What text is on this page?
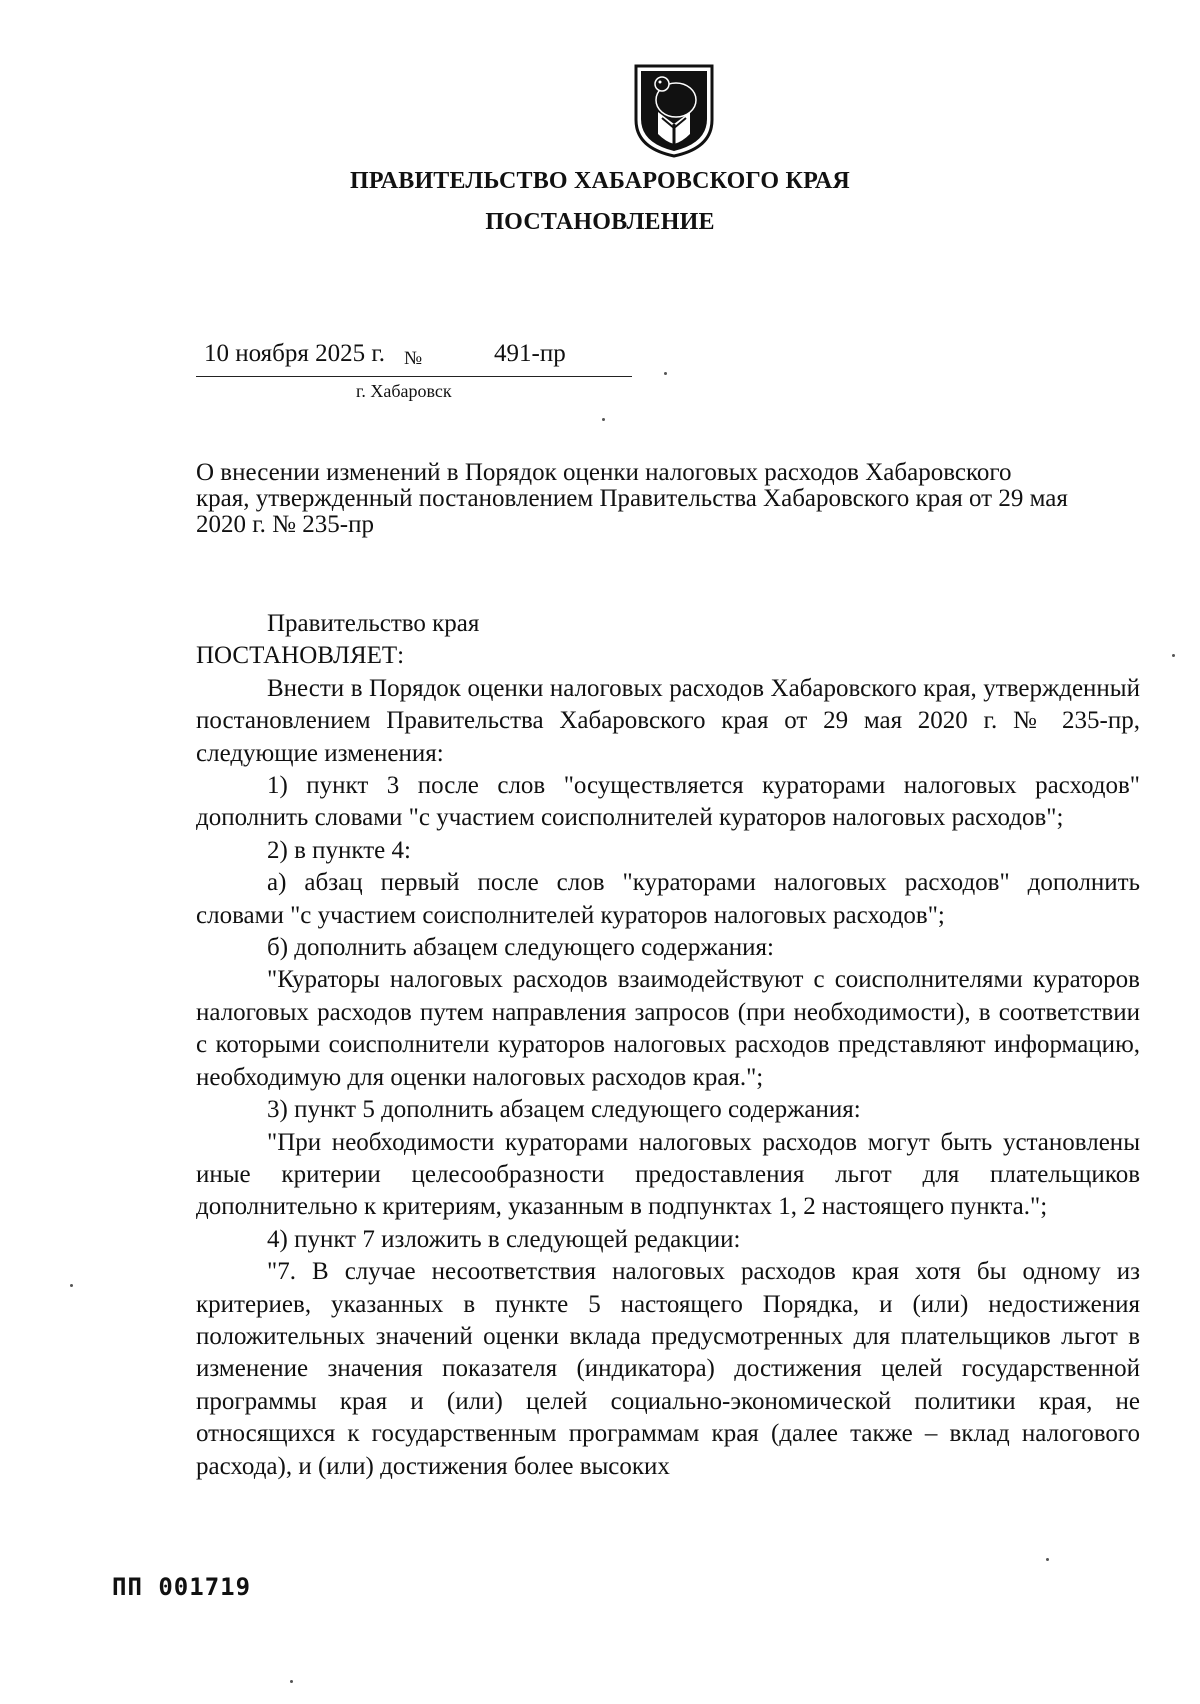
ПРАВИТЕЛЬСТВО ХАБАРОВСКОГО КРАЯ
ПОСТАНОВЛЕНИЕ
10 ноября 2025 г. №	491-пр
г. Хабаровск
О внесении изменений в Порядок оценки налоговых расходов Хабаровского
края, утвержденный постановлением Правительства Хабаровского края от 29 мая
2020 г. № 235-пр

Правительство края

ПОСТАНОВЛЯЕТ:

Внести в Порядок оценки налоговых расходов Хабаровского края, утвержденный постановлением Правительства Хабаровского края от 29 мая 2020 г. № 235-пр, следующие изменения:

1) пункт 3 после слов "осуществляется кураторами налоговых расходов" дополнить словами "с участием соисполнителей кураторов налоговых расходов";

2) в пункте 4:

а) абзац первый после слов "кураторами налоговых расходов" дополнить словами "с участием соисполнителей кураторов налоговых расходов";

б) дополнить абзацем следующего содержания:

"Кураторы налоговых расходов взаимодействуют с соисполнителями кураторов налоговых расходов путем направления запросов (при необходимости), в соответствии с которыми соисполнители кураторов налоговых расходов представляют информацию, необходимую для оценки налоговых расходов края.";

3) пункт 5 дополнить абзацем следующего содержания:

"При необходимости кураторами налоговых расходов могут быть установлены иные критерии целесообразности предоставления льгот для плательщиков дополнительно к критериям, указанным в подпунктах 1, 2 настоящего пункта.";

4) пункт 7 изложить в следующей редакции:

"7. В случае несоответствия налоговых расходов края хотя бы одному из критериев, указанных в пункте 5 настоящего Порядка, и (или) недостижения положительных значений оценки вклада предусмотренных для плательщиков льгот в изменение значения показателя (индикатора) достижения целей государственной программы края и (или) целей социально-экономической политики края, не относящихся к государственным программам края (далее также – вклад налогового расхода), и (или) достижения более высоких

ПП 001719
